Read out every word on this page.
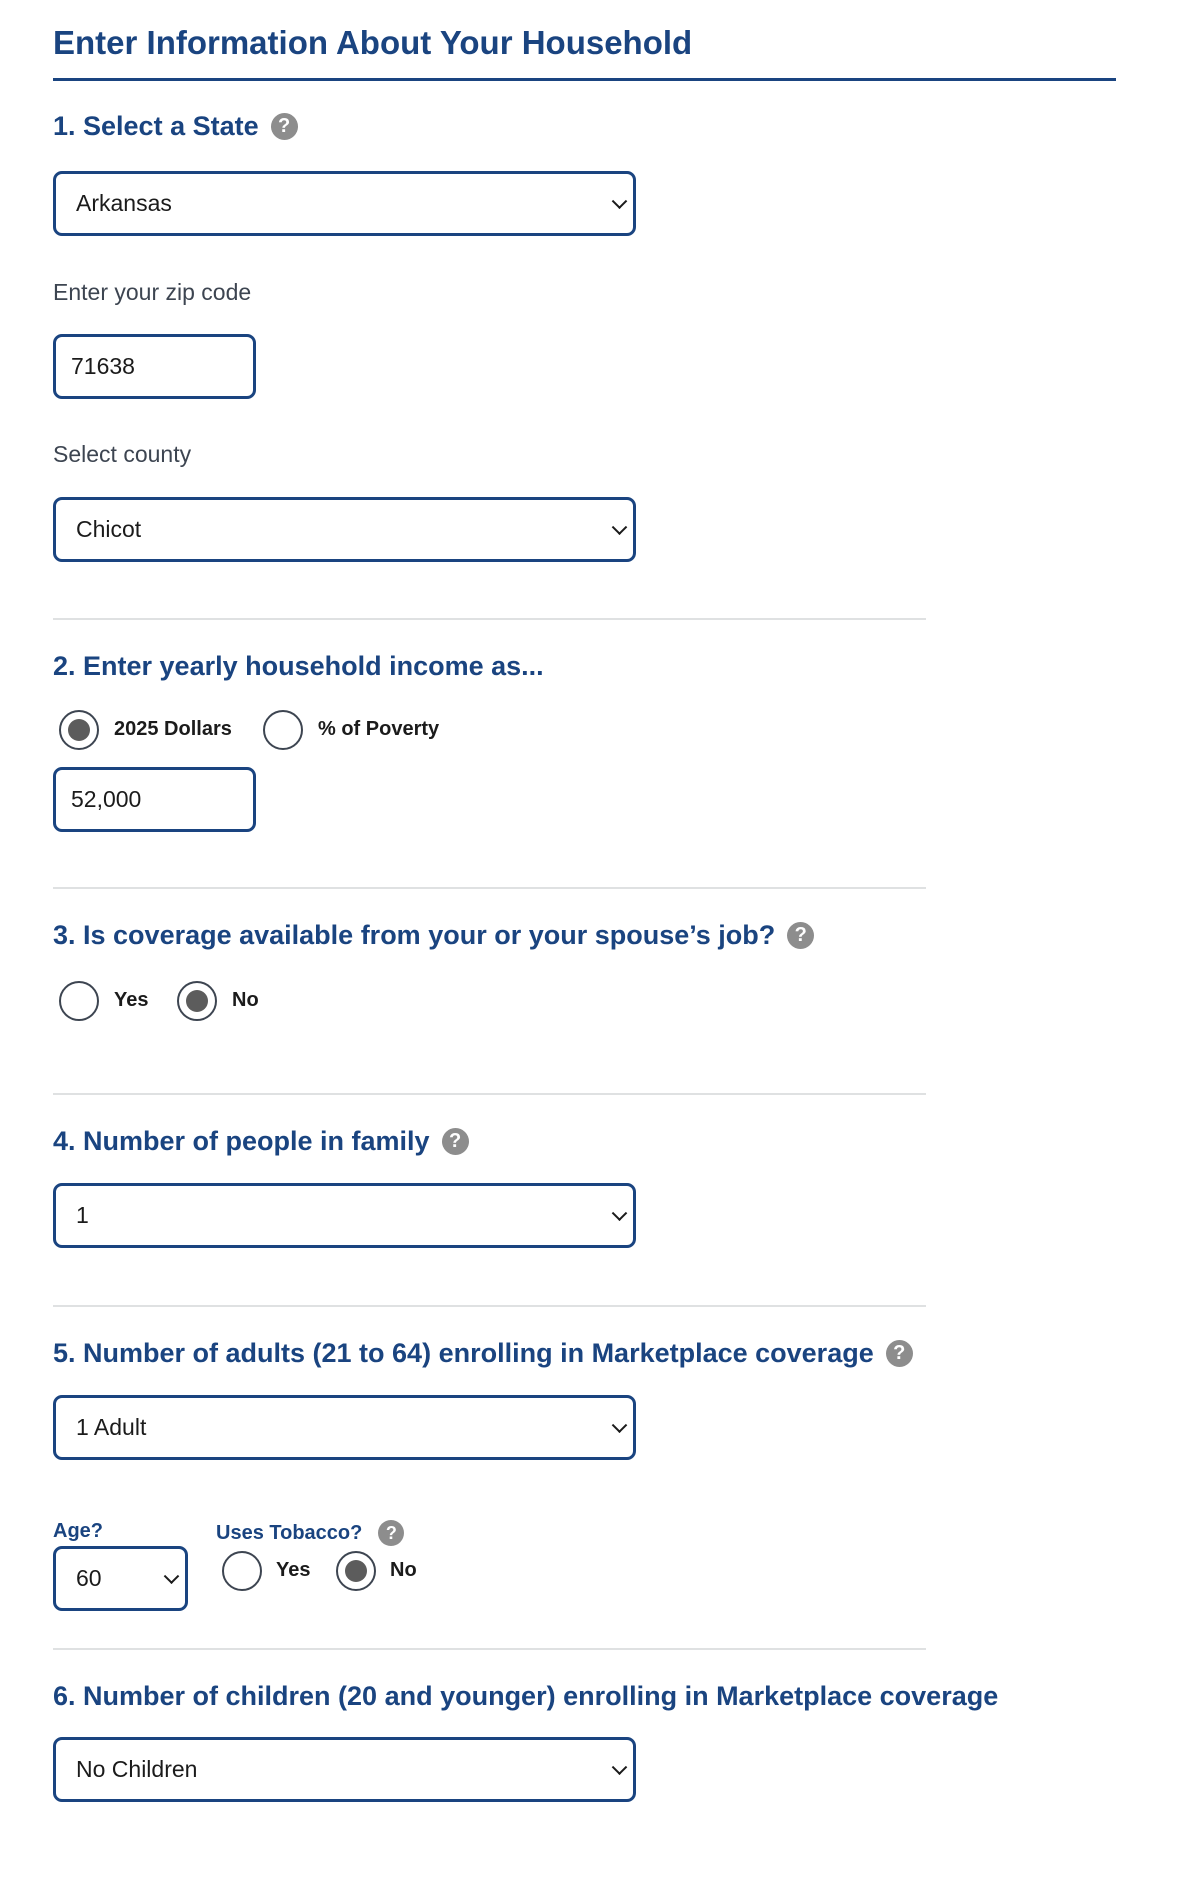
Enter Information About Your Household
1. Select a State ?
Arkansas
Enter your zip code
71638
Select county
Chicot
2. Enter yearly household income as...
2025 Dollars	% of Poverty
52,000
3. Is coverage available from your or your spouse’s job? ?
Yes	No
4. Number of people in family ?
1
5. Number of adults (21 to 64) enrolling in Marketplace coverage ?
1 Adult
Age?
60
Uses Tobacco?	?
Yes	No
6. Number of children (20 and younger) enrolling in Marketplace coverage
No Children
